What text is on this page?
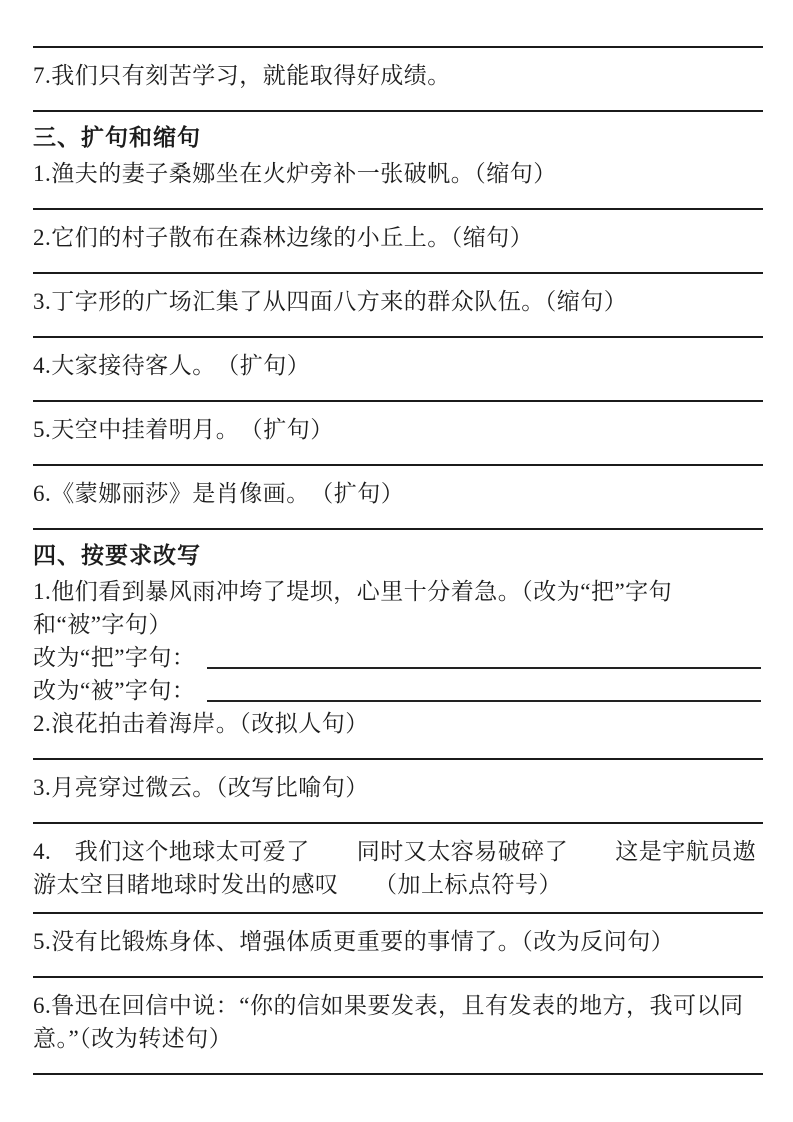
7.我们只有刻苦学习，就能取得好成绩。

三、扩句和缩句

1.渔夫的妻子桑娜坐在火炉旁补一张破帆。（缩句）

2.它们的村子散布在森林边缘的小丘上。（缩句）

3.丁字形的广场汇集了从四面八方来的群众队伍。（缩句）

4.大家接待客人。　（扩句）

5.天空中挂着明月。　（扩句）

6.《蒙娜丽莎》是肖像画。　（扩句）

四、按要求改写

1.他们看到暴风雨冲垮了堤坝，心里十分着急。（改为“把”字句和“被”字句）

改为“把”字句：
改为“被”字句：

2.浪花拍击着海岸。（改拟人句）

3.月亮穿过微云。（改写比喻句）

4.　我们这个地球太可爱了　　同时又太容易破碎了　　这是宇航员遨游太空目睹地球时发出的感叹　　（加上标点符号）

5.没有比锻炼身体、增强体质更重要的事情了。（改为反问句）

6.鲁迅在回信中说：“你的信如果要发表，且有发表的地方，我可以同意。”（改为转述句）
